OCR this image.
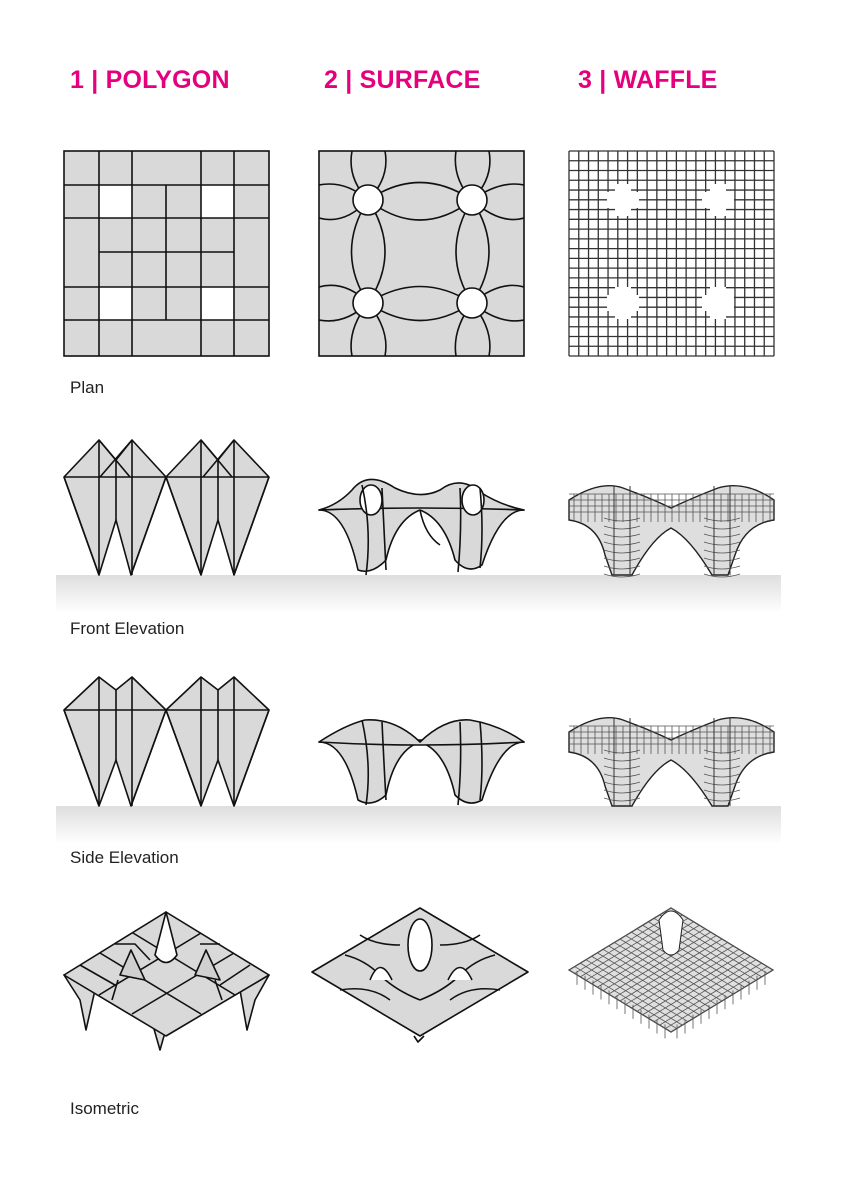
1 | POLYGON	2 | SURFACE	3 | WAFFLE
Plan
Front Elevation
Side Elevation
Isometric
